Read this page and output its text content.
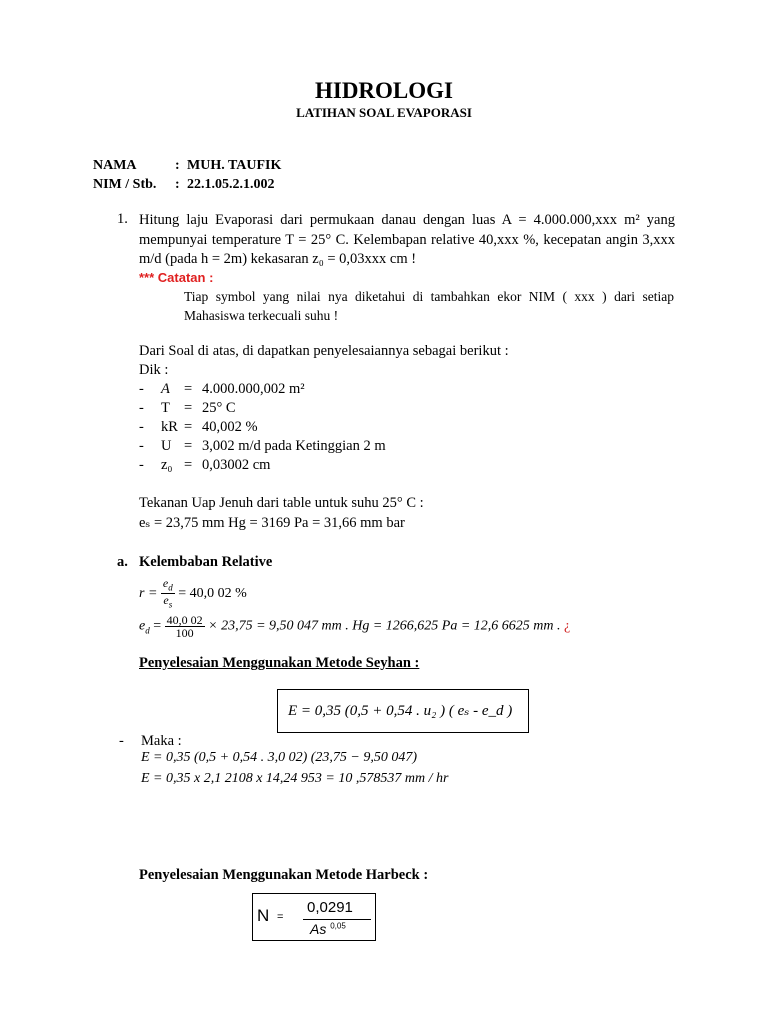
HIDROLOGI
LATIHAN SOAL EVAPORASI
NAMA	: MUH. TAUFIK
NIM / Stb. : 22.1.05.2.1.002
1. Hitung laju Evaporasi dari permukaan danau dengan luas A = 4.000.000,xxx m² yang mempunyai temperature T = 25° C. Kelembapan relative 40,xxx %, kecepatan angin 3,xxx m/d (pada h = 2m) kekasaran z₀ = 0,03xxx cm !
*** Catatan :
Tiap symbol yang nilai nya diketahui di tambahkan ekor NIM ( xxx ) dari setiap Mahasiswa terkecuali suhu !
Dari Soal di atas, di dapatkan penyelesaiannya sebagai berikut :
Dik :
- A = 4.000.000,002 m²
- T = 25° C
- kR = 40,002 %
- U = 3,002 m/d pada Ketinggian 2 m
- z₀ = 0,03002 cm
Tekanan Uap Jenuh dari table untuk suhu 25° C :
eₛ = 23,75 mm Hg = 3169 Pa = 31,66 mm bar
a. Kelembaban Relative
$r = \frac{e_d}{e_s} = 40,0$ 02 %
$e_d = \frac{40,0 02}{100} \times 23,75 = 9,50$ 047 mm . Hg = 1266,625 Pa = 12,6 6625 mm . ¿
Penyelesaian Menggunakan Metode Seyhan :
E = 0,35 (0,5 + 0,54 . u₂ ) ( eₛ - e_d )
- Maka :
E = 0,35 (0,5 + 0,54 . 3,0 02) (23,75 − 9,50 047)
E = 0,35 x 2,1 2108 x 14,24 953 = 10 ,578537 mm / hr
Penyelesaian Menggunakan Metode Harbeck :
N =
0,0291
As $^{0,05}$
